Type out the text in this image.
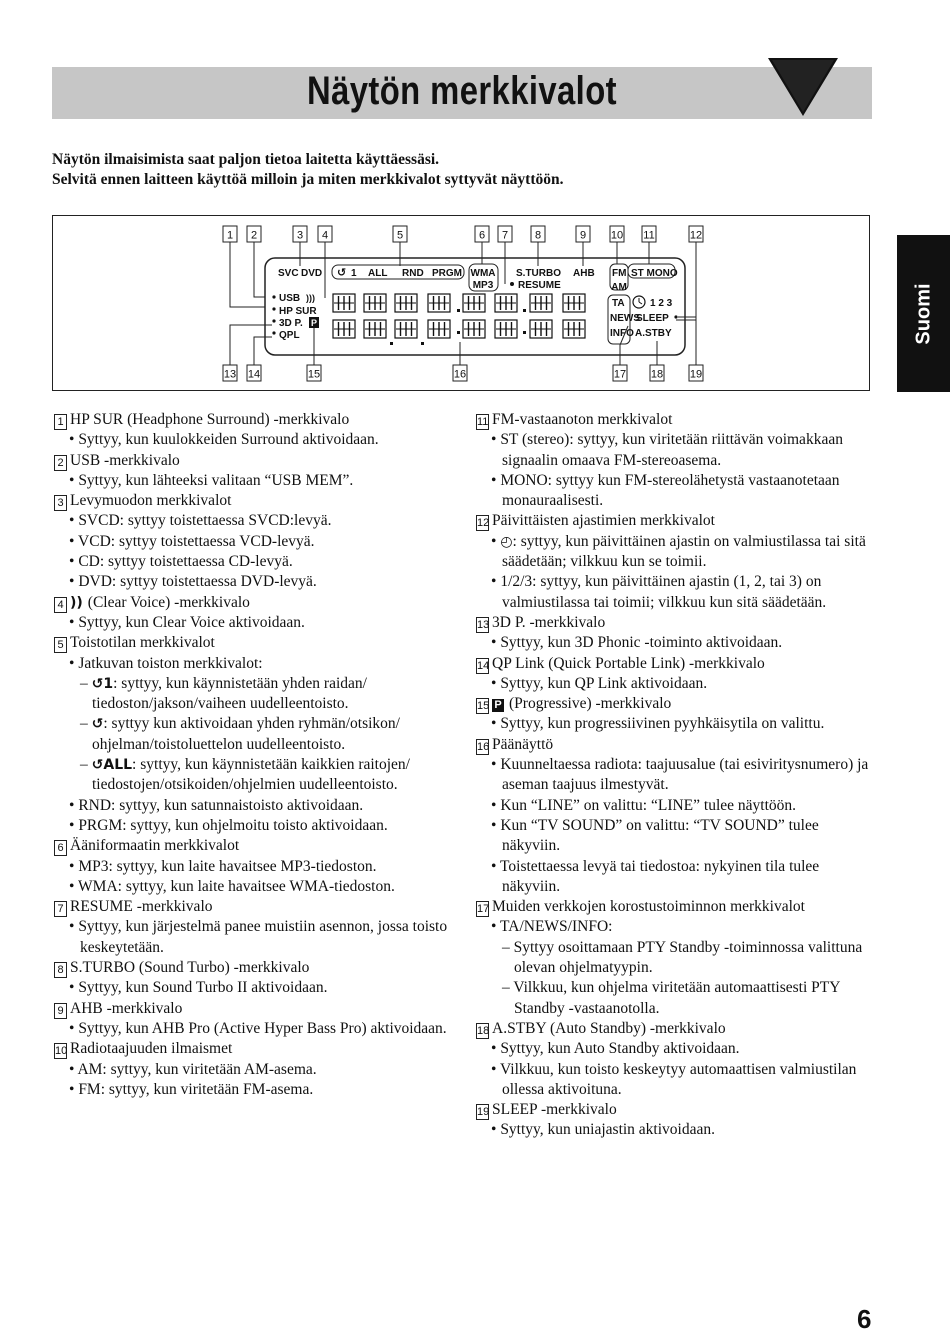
Näytön merkkivalot
Näytön ilmaisimista saat paljon tietoa laitetta käyttäessäsi.
Selvitä ennen laitteen käyttöä milloin ja miten merkkivalot syttyvät näyttöön.
Suomi
SVC DVD ↺ 1 ALL RND PRGM WMA
MP3
S.TURBO
RESUME
AHB FM
AM
ST MONO
USB )))
HP SUR
3D P. P
QPL
TA	1 2 3
NEWS
SLEEP
INFO A.STBY
1 2	3 4	5	6 7 8	9 10 11	12
13 14	15	16	17 18 19
1 HP SUR (Headphone Surround) -merkkivalo
• Syttyy, kun kuulokkeiden Surround aktivoidaan.
2 USB -merkkivalo
• Syttyy, kun lähteeksi valitaan “USB MEM”.
3 Levymuodon merkkivalot
• SVCD: syttyy toistettaessa SVCD:levyä.
• VCD: syttyy toistettaessa VCD-levyä.
• CD: syttyy toistettaessa CD-levyä.
• DVD: syttyy toistettaessa DVD-levyä.
4 )) (Clear Voice) -merkkivalo
• Syttyy, kun Clear Voice aktivoidaan.
5 Toistotilan merkkivalot
• Jatkuvan toiston merkkivalot:
– ↺1: syttyy, kun käynnistetään yhden raidan/ tiedoston/jakson/vaiheen uudelleentoisto.
– ↺: syttyy kun aktivoidaan yhden ryhmän/otsikon/ ohjelman/toistoluettelon uudelleentoisto.
– ↺ALL: syttyy, kun käynnistetään kaikkien raitojen/ tiedostojen/otsikoiden/ohjelmien uudelleentoisto.
• RND: syttyy, kun satunnaistoisto aktivoidaan.
• PRGM: syttyy, kun ohjelmoitu toisto aktivoidaan.
6 Ääniformaatin merkkivalot
• MP3: syttyy, kun laite havaitsee MP3-tiedoston.
• WMA: syttyy, kun laite havaitsee WMA-tiedoston.
7 RESUME -merkkivalo
• Syttyy, kun järjestelmä panee muistiin asennon, jossa toisto keskeytetään.
8 S.TURBO (Sound Turbo) -merkkivalo
• Syttyy, kun Sound Turbo II aktivoidaan.
9 AHB -merkkivalo
• Syttyy, kun AHB Pro (Active Hyper Bass Pro) aktivoidaan.
10 Radiotaajuuden ilmaismet
• AM: syttyy, kun viritetään AM-asema.
• FM: syttyy, kun viritetään FM-asema.
11 FM-vastaanoton merkkivalot
• ST (stereo): syttyy, kun viritetään riittävän voimakkaan signaalin omaava FM-stereoasema.
• MONO: syttyy kun FM-stereolähetystä vastaanotetaan monauraalisesti.
12 Päivittäisten ajastimien merkkivalot
• ◴: syttyy, kun päivittäinen ajastin on valmiustilassa tai sitä säädetään; vilkkuu kun se toimii.
• 1/2/3: syttyy, kun päivittäinen ajastin (1, 2, tai 3) on valmiustilassa tai toimii; vilkkuu kun sitä säädetään.
13 3D P. -merkkivalo
• Syttyy, kun 3D Phonic -toiminto aktivoidaan.
14 QP Link (Quick Portable Link) -merkkivalo
• Syttyy, kun QP Link aktivoidaan.
15 P (Progressive) -merkkivalo
• Syttyy, kun progressiivinen pyyhkäisytila on valittu.
16 Päänäyttö
• Kuunneltaessa radiota: taajuusalue (tai esiviritysnumero) ja aseman taajuus ilmestyvät.
• Kun “LINE” on valittu: “LINE” tulee näyttöön.
• Kun “TV SOUND” on valittu: “TV SOUND” tulee näkyviin.
• Toistettaessa levyä tai tiedostoa: nykyinen tila tulee näkyviin.
17 Muiden verkkojen korostustoiminnon merkkivalot
• TA/NEWS/INFO:
– Syttyy osoittamaan PTY Standby -toiminnossa valittuna olevan ohjelmatyypin.
– Vilkkuu, kun ohjelma viritetään automaattisesti PTY Standby -vastaanotolla.
18 A.STBY (Auto Standby) -merkkivalo
• Syttyy, kun Auto Standby aktivoidaan.
• Vilkkuu, kun toisto keskeytyy automaattisen valmiustilan ollessa aktivoituna.
19 SLEEP -merkkivalo
• Syttyy, kun uniajastin aktivoidaan.
6
